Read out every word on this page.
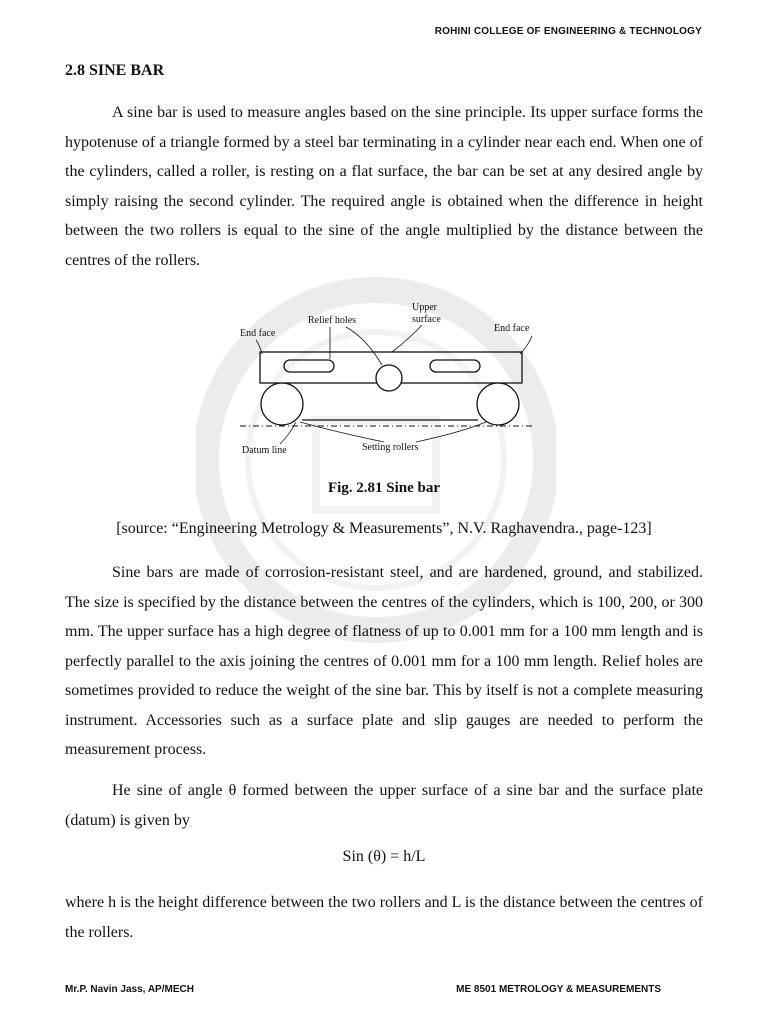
ROHINI COLLEGE OF ENGINEERING & TECHNOLOGY
2.8 SINE BAR

A sine bar is used to measure angles based on the sine principle. Its upper surface forms the hypotenuse of a triangle formed by a steel bar terminating in a cylinder near each end. When one of the cylinders, called a roller, is resting on a flat surface, the bar can be set at any desired angle by simply raising the second cylinder. The required angle is obtained when the difference in height between the two rollers is equal to the sine of the angle multiplied by the distance between the centres of the rollers.

End face
Relief holes
Upper
surface
End face
Datum line	Setting rollers
Fig. 2.81 Sine bar
[source: “Engineering Metrology & Measurements”, N.V. Raghavendra., page-123]

Sine bars are made of corrosion-resistant steel, and are hardened, ground, and stabilized. The size is specified by the distance between the centres of the cylinders, which is 100, 200, or 300 mm. The upper surface has a high degree of flatness of up to 0.001 mm for a 100 mm length and is perfectly parallel to the axis joining the centres of 0.001 mm for a 100 mm length. Relief holes are sometimes provided to reduce the weight of the sine bar. This by itself is not a complete measuring instrument. Accessories such as a surface plate and slip gauges are needed to perform the measurement process.

He sine of angle θ formed between the upper surface of a sine bar and the surface plate (datum) is given by

Sin (θ) = h/L

where h is the height difference between the two rollers and L is the distance between the centres of the rollers.

Mr.P. Navin Jass, AP/MECH	ME 8501 METROLOGY & MEASUREMENTS
